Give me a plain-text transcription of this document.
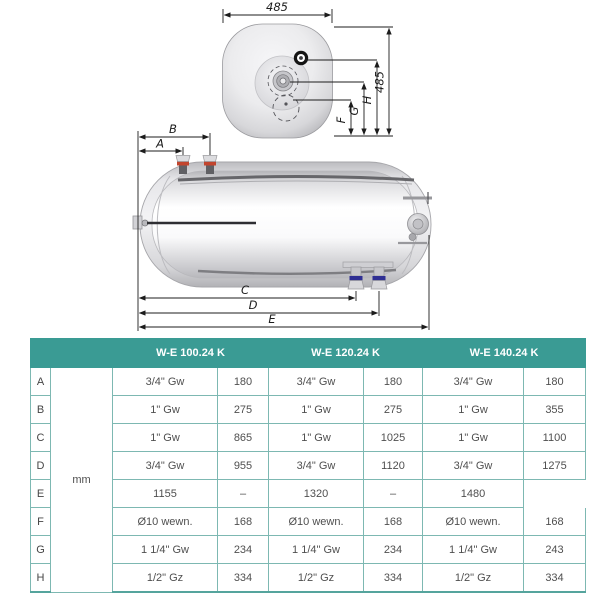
485
485
H
G
F
B
A
C
D
E
		W-E 100.24 K		W-E 120.24 K		W-E 140.24 K	
A	mm	3/4" Gw	180	3/4" Gw	180	3/4" Gw	180
B		1" Gw	275	1" Gw	275	1" Gw	355
C		1" Gw	865	1" Gw	1025	1" Gw	1100
D		3/4" Gw	955	3/4" Gw	1120	3/4" Gw	1275
E		1155	–	1320	–	1480	
F		Ø10 wewn.	168	Ø10 wewn.	168	Ø10 wewn.	168
G		1 1/4" Gw	234	1 1/4" Gw	234	1 1/4" Gw	243
H		1/2" Gz	334	1/2" Gz	334	1/2" Gz	334
